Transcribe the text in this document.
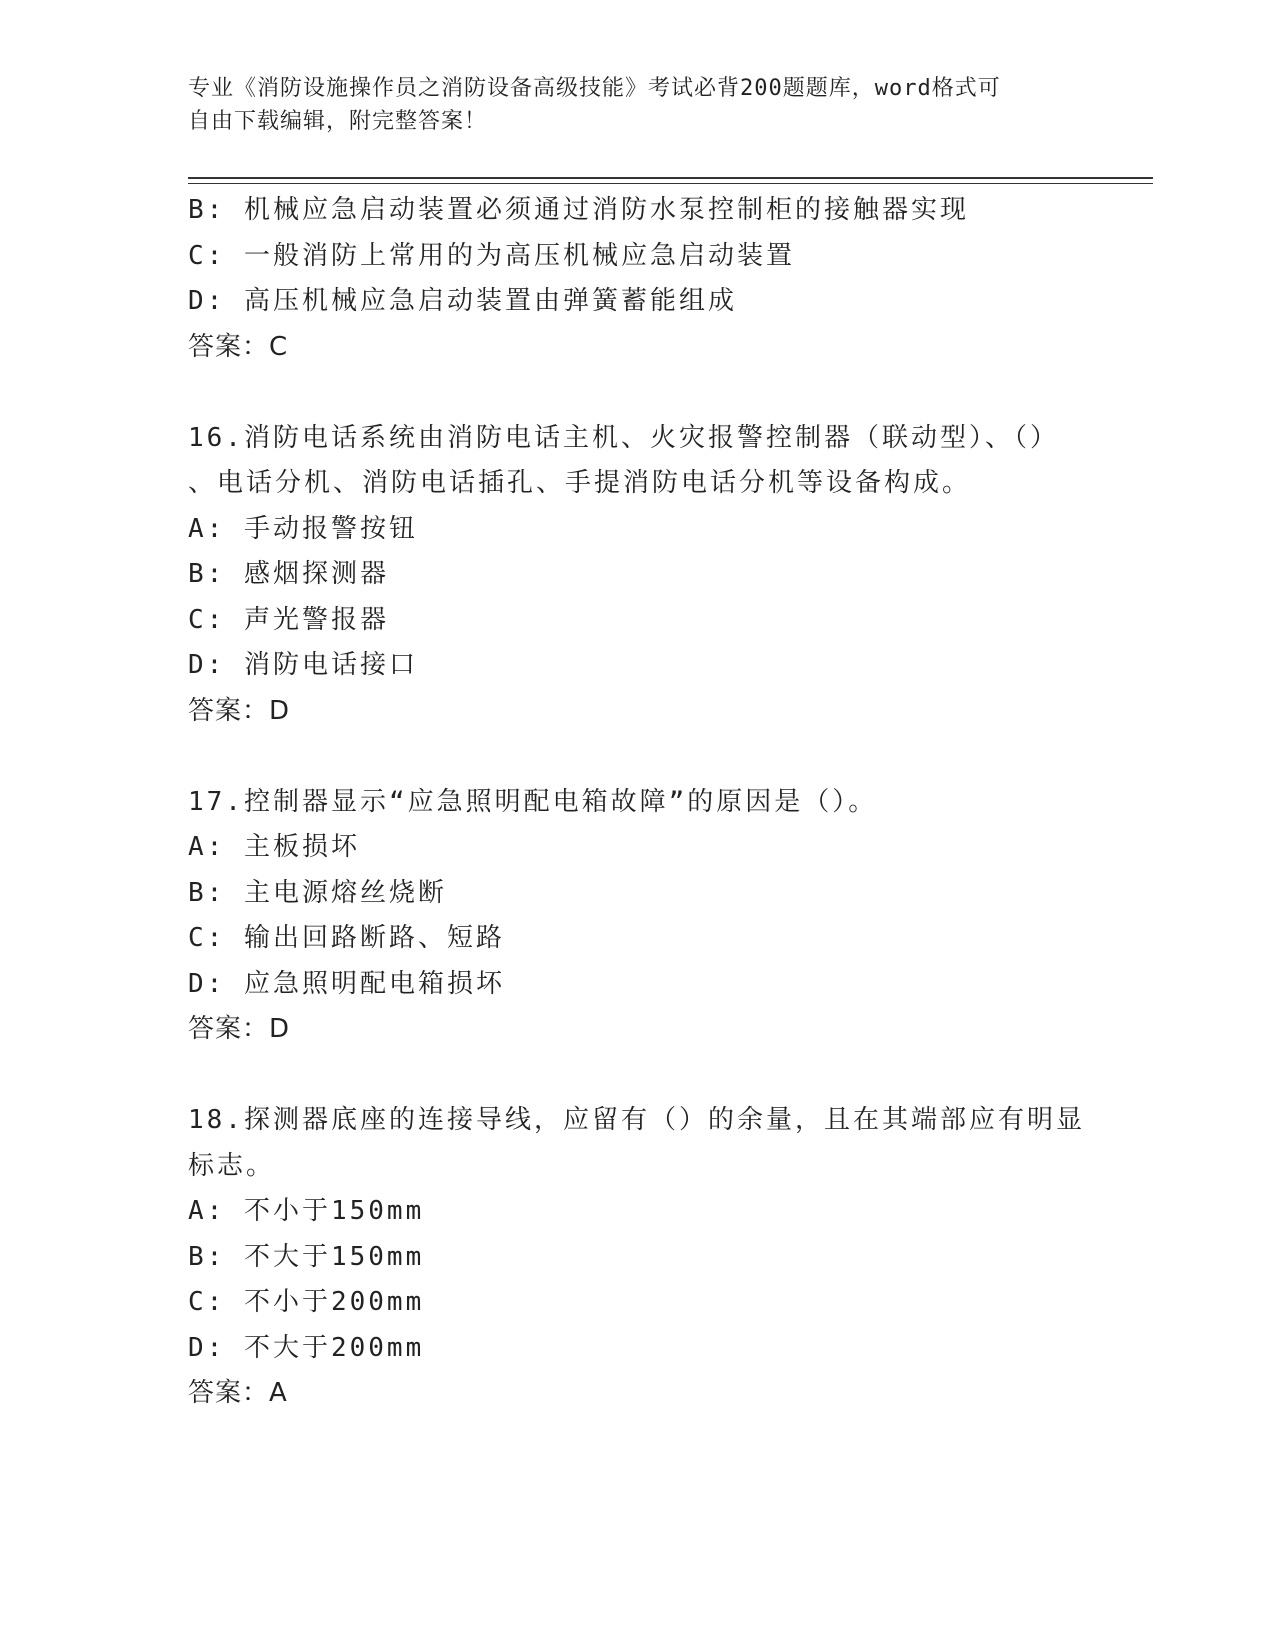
专业《消防设施操作员之消防设备高级技能》考试必背200题题库，word格式可
自由下载编辑，附完整答案！
B: 机械应急启动装置必须通过消防水泵控制柜的接触器实现
C: 一般消防上常用的为高压机械应急启动装置
D: 高压机械应急启动装置由弹簧蓄能组成
答案：C
16.消防电话系统由消防电话主机、火灾报警控制器（联动型）、（）
、电话分机、消防电话插孔、手提消防电话分机等设备构成。
A: 手动报警按钮
B: 感烟探测器
C: 声光警报器
D: 消防电话接口
答案：D
17.控制器显示“应急照明配电箱故障”的原因是（）。
A: 主板损坏
B: 主电源熔丝烧断
C: 输出回路断路、短路
D: 应急照明配电箱损坏
答案：D
18.探测器底座的连接导线，应留有（）的余量，且在其端部应有明显
标志。
A: 不小于150mm
B: 不大于150mm
C: 不小于200mm
D: 不大于200mm
答案：A
